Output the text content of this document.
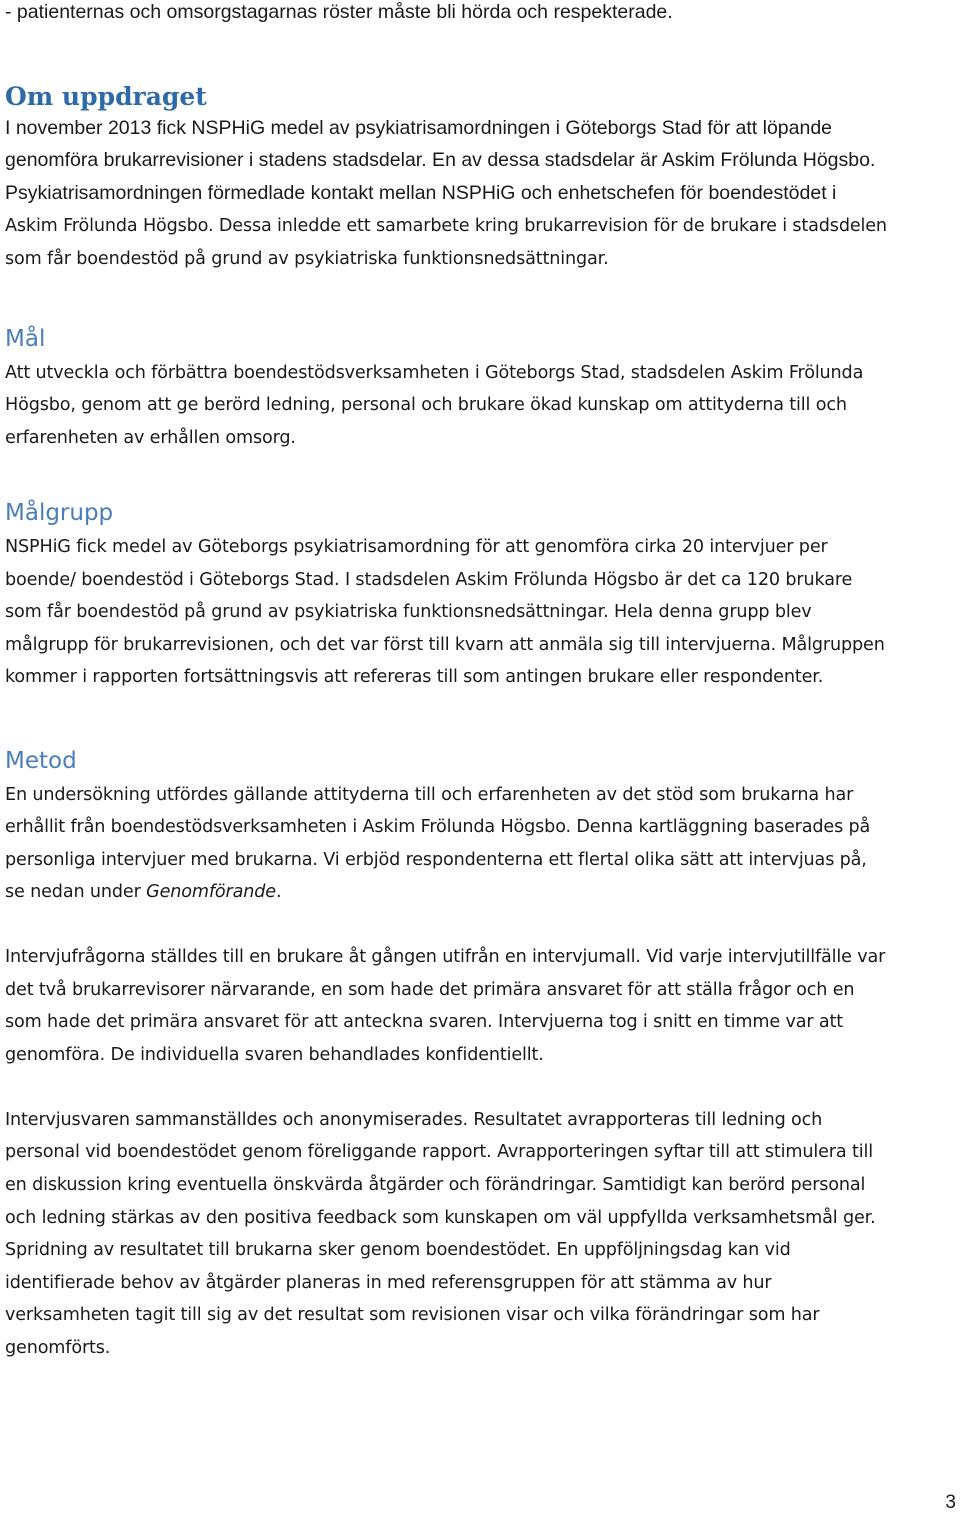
- patienternas och omsorgstagarnas röster måste bli hörda och respekterade.
Om uppdraget
I november 2013 fick NSPHiG medel av psykiatrisamordningen i Göteborgs Stad för att löpande
genomföra brukarrevisioner i stadens stadsdelar. En av dessa stadsdelar är Askim Frölunda Högsbo.
Psykiatrisamordningen förmedlade kontakt mellan NSPHiG och enhetschefen för boendestödet i
Askim Frölunda Högsbo. Dessa inledde ett samarbete kring brukarrevision för de brukare i stadsdelen
som får boendestöd på grund av psykiatriska funktionsnedsättningar.
Mål
Att utveckla och förbättra boendestödsverksamheten i Göteborgs Stad, stadsdelen Askim Frölunda
Högsbo, genom att ge berörd ledning, personal och brukare ökad kunskap om attityderna till och
erfarenheten av erhållen omsorg.
Målgrupp
NSPHiG fick medel av Göteborgs psykiatrisamordning för att genomföra cirka 20 intervjuer per
boende/ boendestöd i Göteborgs Stad. I stadsdelen Askim Frölunda Högsbo är det ca 120 brukare
som får boendestöd på grund av psykiatriska funktionsnedsättningar. Hela denna grupp blev
målgrupp för brukarrevisionen, och det var först till kvarn att anmäla sig till intervjuerna. Målgruppen
kommer i rapporten fortsättningsvis att refereras till som antingen brukare eller respondenter.
Metod
En undersökning utfördes gällande attityderna till och erfarenheten av det stöd som brukarna har
erhållit från boendestödsverksamheten i Askim Frölunda Högsbo. Denna kartläggning baserades på
personliga intervjuer med brukarna. Vi erbjöd respondenterna ett flertal olika sätt att intervjuas på,
se nedan under Genomförande.
Intervjufrågorna ställdes till en brukare åt gången utifrån en intervjumall. Vid varje intervjutillfälle var
det två brukarrevisorer närvarande, en som hade det primära ansvaret för att ställa frågor och en
som hade det primära ansvaret för att anteckna svaren. Intervjuerna tog i snitt en timme var att
genomföra. De individuella svaren behandlades konfidentiellt.
Intervjusvaren sammanställdes och anonymiserades. Resultatet avrapporteras till ledning och
personal vid boendestödet genom föreliggande rapport. Avrapporteringen syftar till att stimulera till
en diskussion kring eventuella önskvärda åtgärder och förändringar. Samtidigt kan berörd personal
och ledning stärkas av den positiva feedback som kunskapen om väl uppfyllda verksamhetsmål ger.
Spridning av resultatet till brukarna sker genom boendestödet. En uppföljningsdag kan vid
identifierade behov av åtgärder planeras in med referensgruppen för att stämma av hur
verksamheten tagit till sig av det resultat som revisionen visar och vilka förändringar som har
genomförts.
3
